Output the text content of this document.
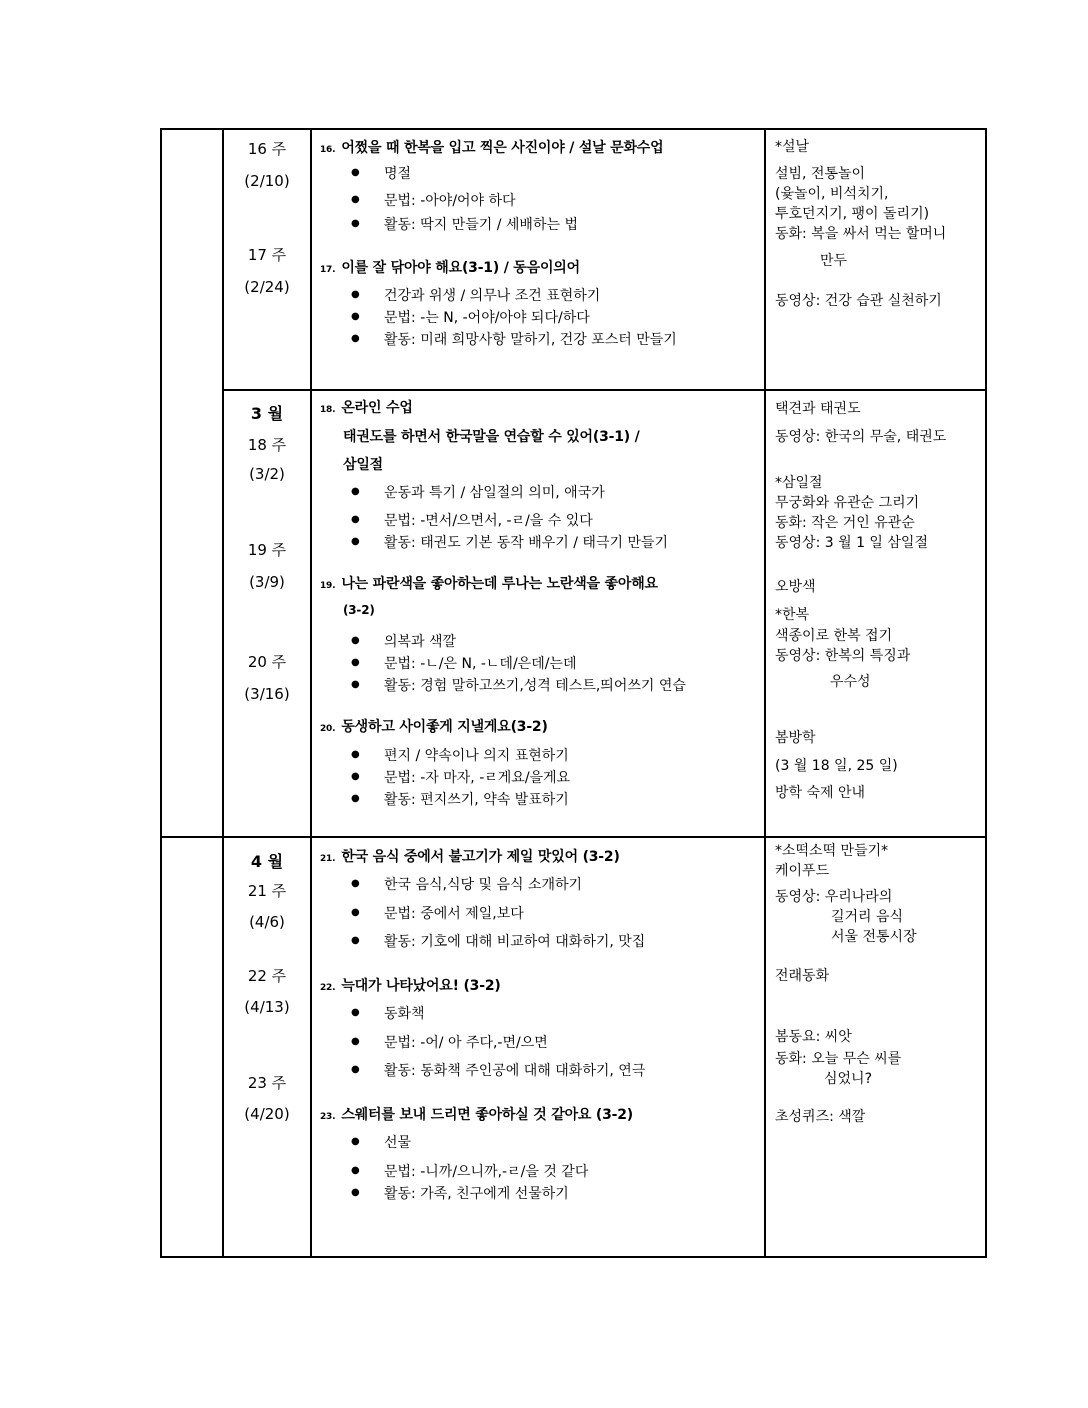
16 주
(2/10)
17 주
(2/24)
16. 어쩠을 때 한복을 입고 찍은 사진이야 / 설날 문화수업
● 명절
● 문법: -아야/어야 하다
● 활동: 딱지 만들기 / 세배하는 법
17. 이를 잘 닦아야 해요(3-1) / 동음이의어
● 건강과 위생 / 의무나 조건 표현하기
● 문법: -는 N, -어야/아야 되다/하다
● 활동: 미래 희망사항 말하기, 건강 포스터 만들기
*설날
설빔, 전통놀이
(윷놀이, 비석치기,
투호던지기, 팽이 돌리기)
동화: 복을 싸서 먹는 할머니
만두
동영상: 건강 습관 실천하기
3 월
18 주
(3/2)
19 주
(3/9)
20 주
(3/16)
18. 온라인 수업
태권도를 하면서 한국말을 연습할 수 있어(3-1) /
삼일절
● 운동과 특기 / 삼일절의 의미, 애국가
● 문법: -면서/으면서, -ㄹ/을 수 있다
● 활동: 태권도 기본 동작 배우기 / 태극기 만들기
19. 나는 파란색을 좋아하는데 루나는 노란색을 좋아해요
(3-2)
● 의복과 색깔
● 문법: -ㄴ/은 N, -ㄴ데/은데/는데
● 활동: 경험 말하고쓰기,성격 테스트,띄어쓰기 연습
20. 동생하고 사이좋게 지낼게요(3-2)
● 편지 / 약속이나 의지 표현하기
● 문법: -자 마자, -ㄹ게요/을게요
● 활동: 편지쓰기, 약속 발표하기
택견과 태권도
동영상: 한국의 무술, 태권도
*삼일절
무궁화와 유관순 그리기
동화: 작은 거인 유관순
동영상: 3 월 1 일 삼일절
오방색
*한복
색종이로 한복 접기
동영상: 한복의 특징과
우수성
봄방학
(3 월 18 일, 25 일)
방학 숙제 안내
4 월
21 주
(4/6)
22 주
(4/13)
23 주
(4/20)
21. 한국 음식 중에서 불고기가 제일 맛있어 (3-2)
● 한국 음식,식당 및 음식 소개하기
● 문법: 중에서 제일,보다
● 활동: 기호에 대해 비교하여 대화하기, 맛집
22. 늑대가 나타났어요! (3-2)
● 동화책
● 문법: -어/ 아 주다,-면/으면
● 활동: 동화책 주인공에 대해 대화하기, 연극
23. 스웨터를 보내 드리면 좋아하실 것 같아요 (3-2)
● 선물
● 문법: -니까/으니까,-ㄹ/을 것 같다
● 활동: 가족, 친구에게 선물하기
*소떡소떡 만들기*
케이푸드
동영상: 우리나라의
길거리 음식
서울 전통시장
전래동화
봄동요: 씨앗
동화: 오늘 무슨 씨를
심었니?
초성퀴즈: 색깔
